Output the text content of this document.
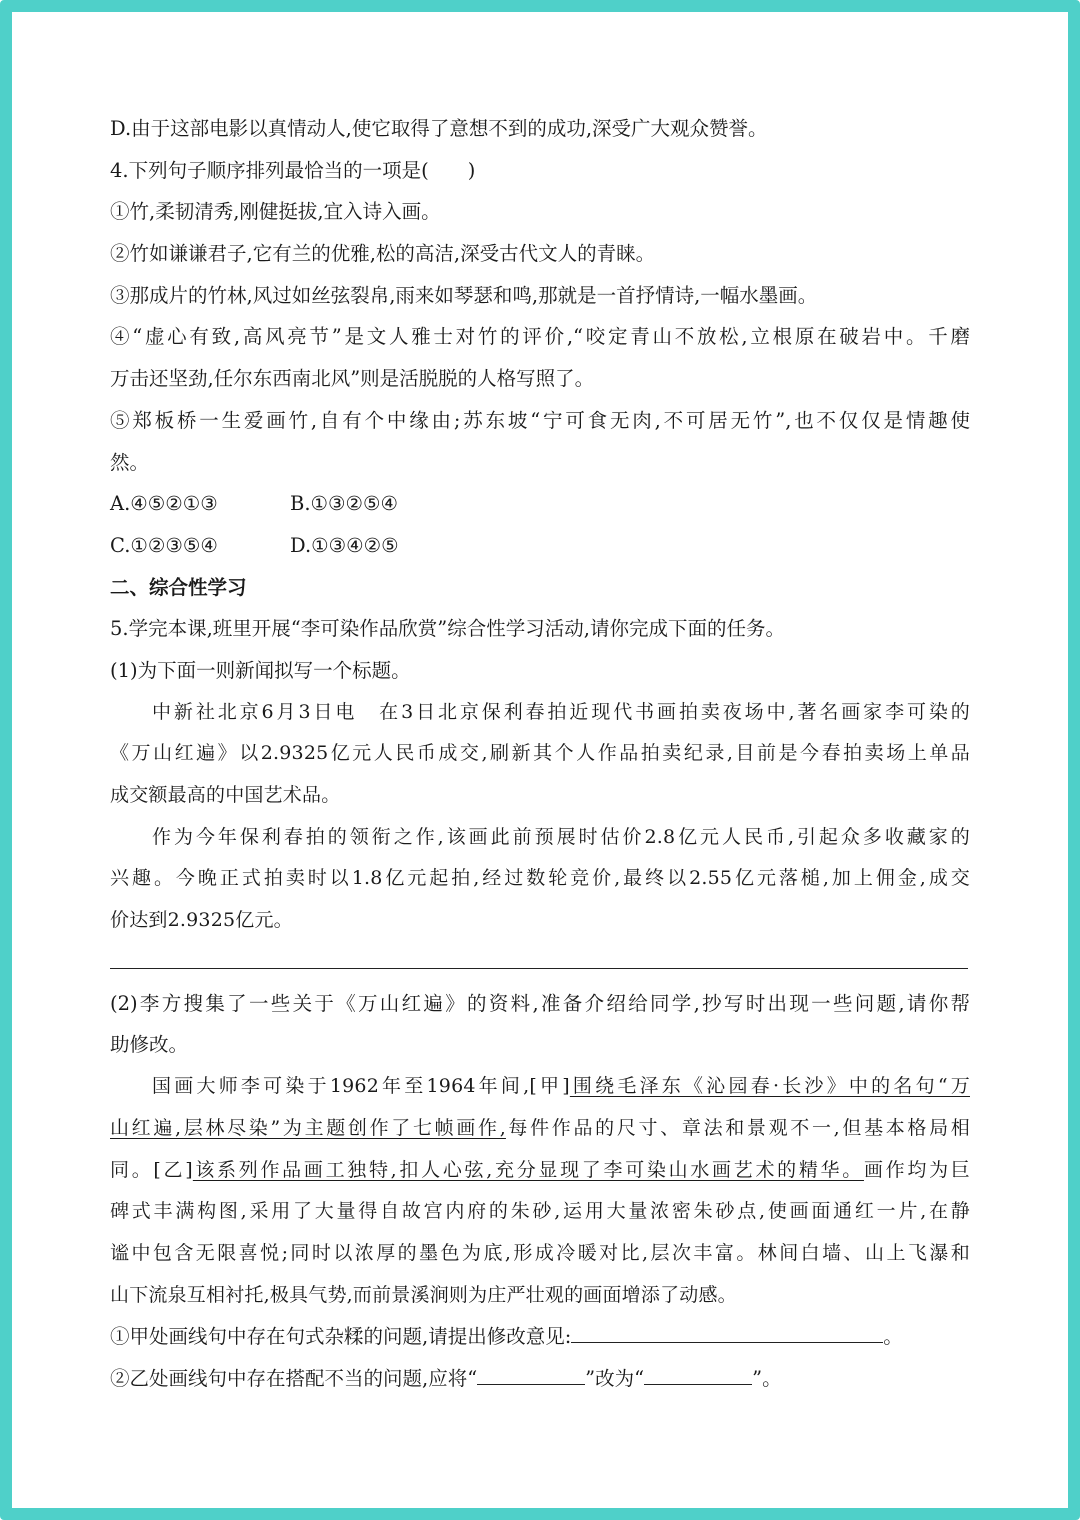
D.由于这部电影以真情动人,使它取得了意想不到的成功,深受广大观众赞誉。
4.下列句子顺序排列最恰当的一项是(　　)
①竹,柔韧清秀,刚健挺拔,宜入诗入画。
②竹如谦谦君子,它有兰的优雅,松的高洁,深受古代文人的青睐。
③那成片的竹林,风过如丝弦裂帛,雨来如琴瑟和鸣,那就是一首抒情诗,一幅水墨画。
④“虚心有致,高风亮节”是文人雅士对竹的评价,“咬定青山不放松,立根原在破岩中。千磨
万击还坚劲,任尔东西南北风”则是活脱脱的人格写照了。
⑤郑板桥一生爱画竹,自有个中缘由;苏东坡“宁可食无肉,不可居无竹”,也不仅仅是情趣使
然。
A.④⑤②①③	B.①③②⑤④
C.①②③⑤④	D.①③④②⑤
二、综合性学习
5.学完本课,班里开展“李可染作品欣赏”综合性学习活动,请你完成下面的任务。
(1)为下面一则新闻拟写一个标题。
中新社北京6月3日电　在3日北京保利春拍近现代书画拍卖夜场中,著名画家李可染的
《万山红遍》以2.9325亿元人民币成交,刷新其个人作品拍卖纪录,目前是今春拍卖场上单品
成交额最高的中国艺术品。
作为今年保利春拍的领衔之作,该画此前预展时估价2.8亿元人民币,引起众多收藏家的
兴趣。今晚正式拍卖时以1.8亿元起拍,经过数轮竞价,最终以2.55亿元落槌,加上佣金,成交
价达到2.9325亿元。
(2)李方搜集了一些关于《万山红遍》的资料,准备介绍给同学,抄写时出现一些问题,请你帮
助修改。
国画大师李可染于1962年至1964年间,[甲]围绕毛泽东《沁园春·长沙》中的名句“万
山红遍,层林尽染”为主题创作了七帧画作,每件作品的尺寸、章法和景观不一,但基本格局相
同。[乙]该系列作品画工独特,扣人心弦,充分显现了李可染山水画艺术的精华。画作均为巨
碑式丰满构图,采用了大量得自故宫内府的朱砂,运用大量浓密朱砂点,使画面通红一片,在静
谧中包含无限喜悦;同时以浓厚的墨色为底,形成冷暖对比,层次丰富。林间白墙、山上飞瀑和
山下流泉互相衬托,极具气势,而前景溪涧则为庄严壮观的画面增添了动感。
①甲处画线句中存在句式杂糅的问题,请提出修改意见:	。
②乙处画线句中存在搭配不当的问题,应将“	”改为“	”。
